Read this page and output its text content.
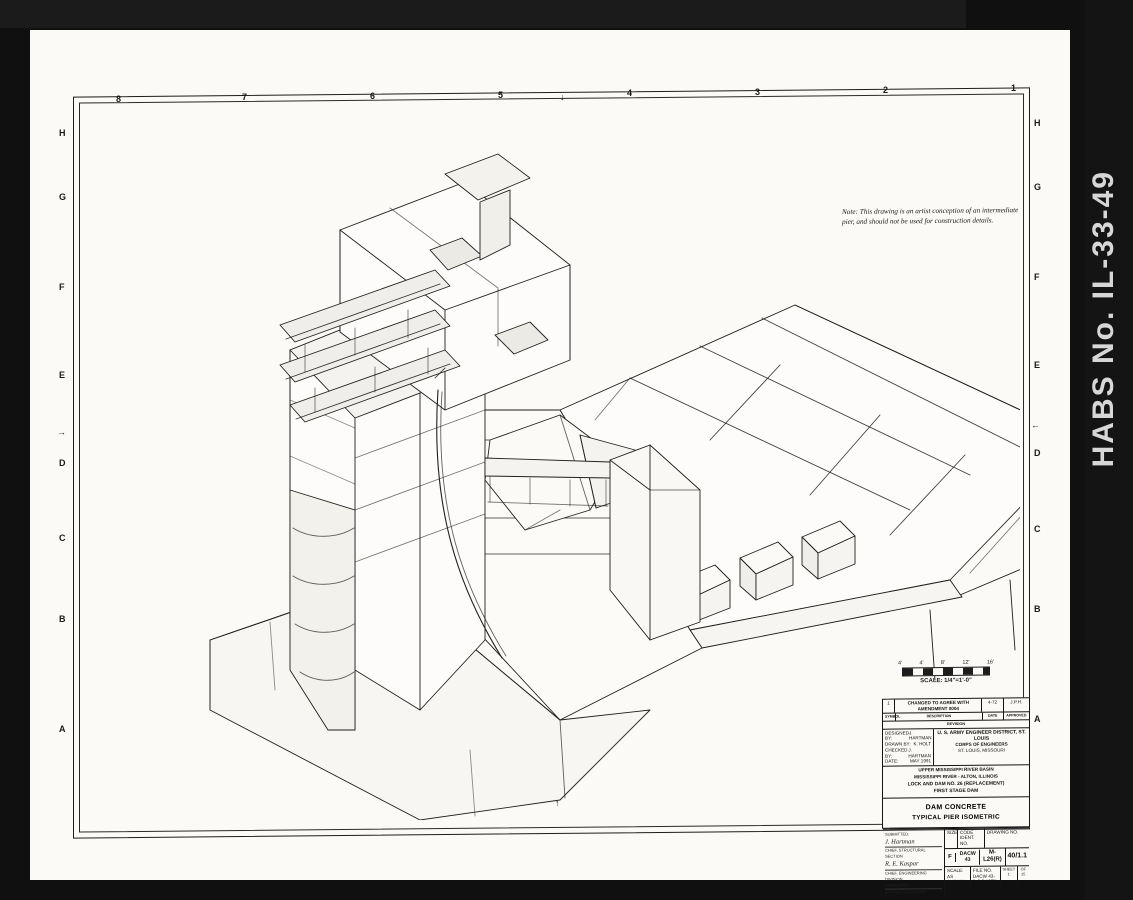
HABS No. IL-33-49
8	7	6	5	4	3	2	1
H
G
F
E
D
C
B
A
H
G
F
E
D
C
B
A
↓
↑
→
←
Note: This drawing is an artist conception of an intermediate pier, and should not be used for construction details.
4'	4'	8'	12'	16'
SCALE: 1/4"=1'-0"
1	CHANGED TO AGREE WITH AMENDMENT 0004
4-72	J.P.H.
SYMBOL	DESCRIPTION	DATE	APPROVED
REVISION
DESIGNED BY:
J. HARTMAN
DRAWN BY: K. HOLT
CHECKED BY:
J. HARTMAN
DATE:	MAY 1991
U. S. ARMY ENGINEER DISTRICT, ST. LOUIS
CORPS OF ENGINEERS
ST. LOUIS, MISSOURI
UPPER MISSISSIPPI RIVER BASIN
MISSISSIPPI RIVER - ALTON, ILLINOIS
LOCK AND DAM NO. 26 (REPLACEMENT)
FIRST STAGE DAM
DAM CONCRETE
TYPICAL PIER ISOMETRIC
SUBMITTED:
J. Hartman
CHIEF, STRUCTURAL SECTION
R. E. Kaspar
CHIEF, ENGINEERING DIVISION
APPROVED:
DISTRICT ENGINEER
SIZE CODE IDENT. NO.
DRAWING NO.
F	DACW 43
M-L26(R)
40/1.1
SCALE: AS SHOWN
FILE NO. DACW 43-B-0-0-1885
SHEET 1
OF 15
